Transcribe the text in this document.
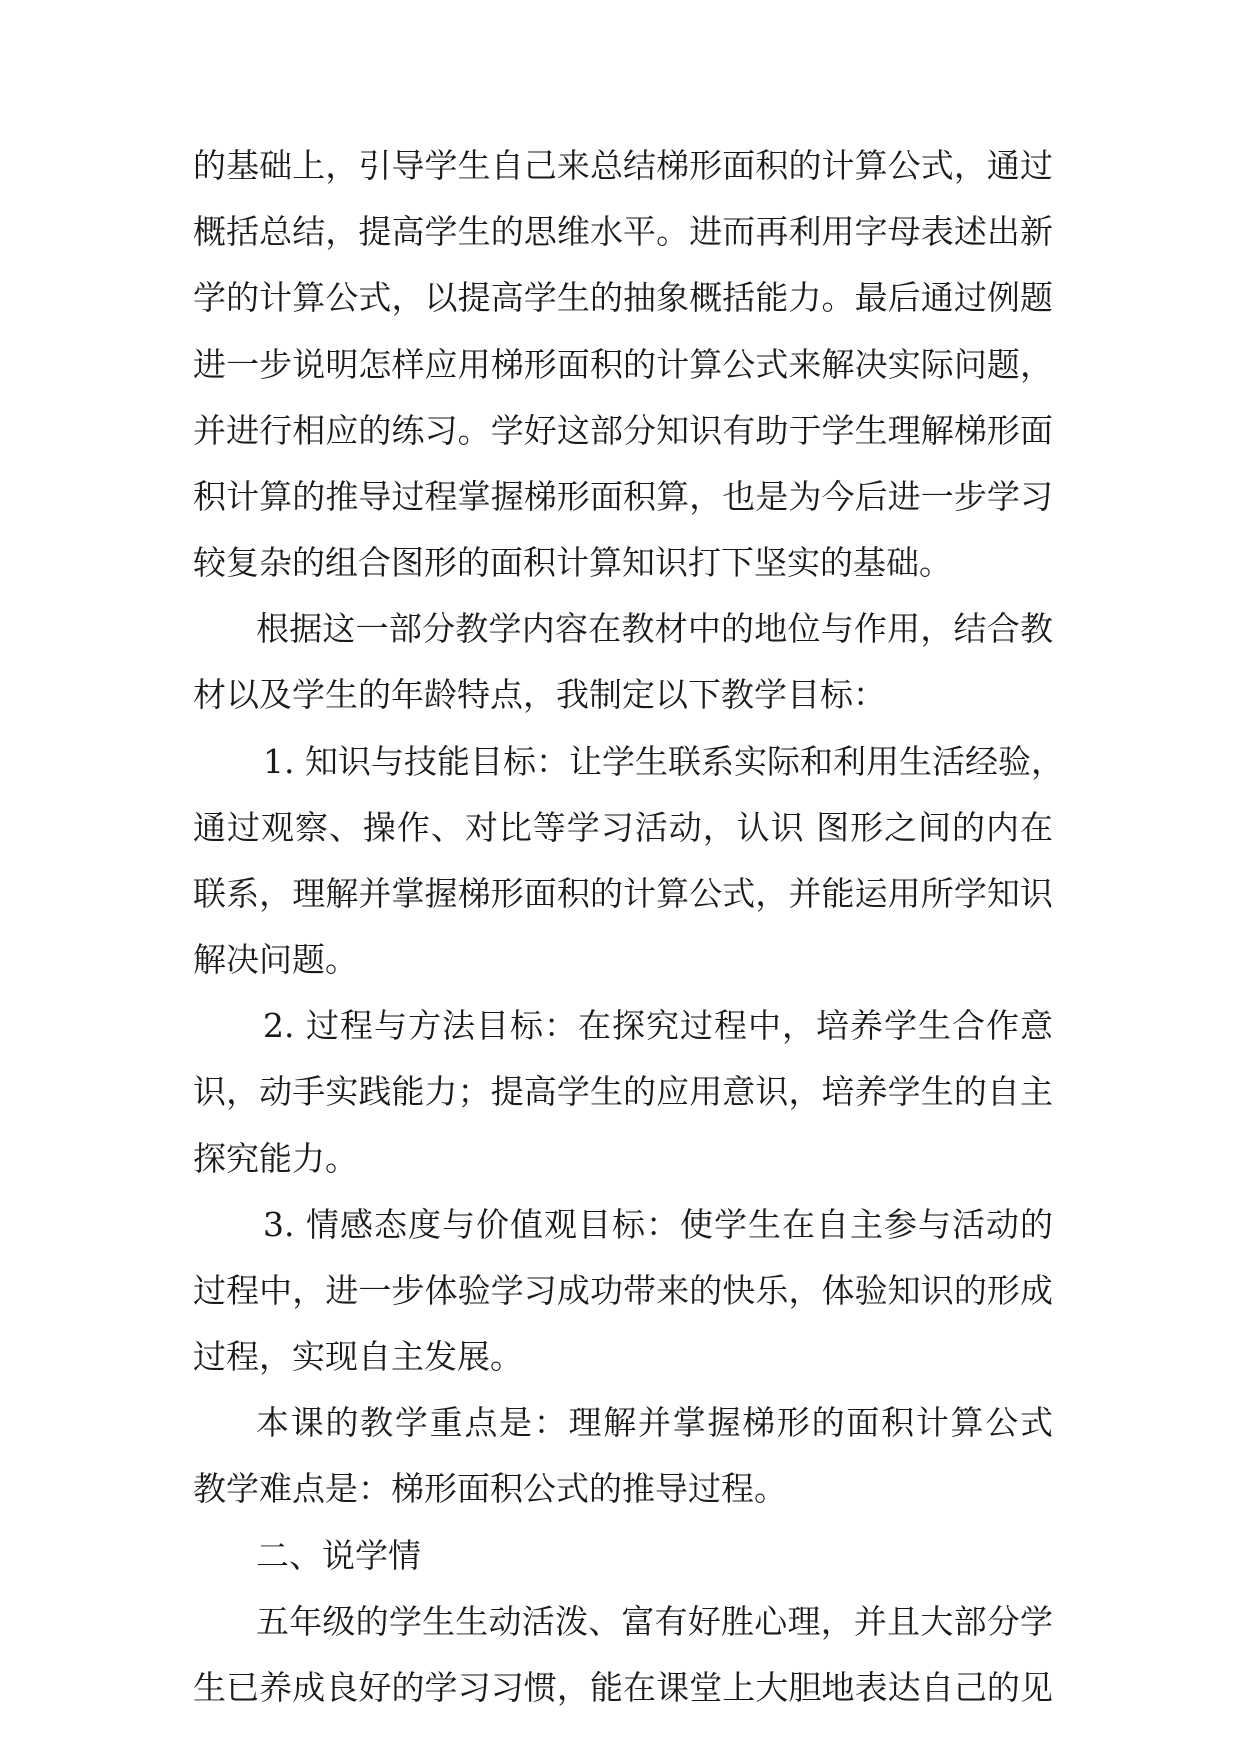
的基础上，引导学生自己来总结梯形面积的计算公式，通过
概括总结，提高学生的思维水平。进而再利用字母表述出新
学的计算公式，以提高学生的抽象概括能力。最后通过例题
进一步说明怎样应用梯形面积的计算公式来解决实际问题，
并进行相应的练习。学好这部分知识有助于学生理解梯形面
积计算的推导过程掌握梯形面积算，也是为今后进一步学习
较复杂的组合图形的面积计算知识打下坚实的基础。
根据这一部分教学内容在教材中的地位与作用，结合教
材以及学生的年龄特点，我制定以下教学目标：
1. 知识与技能目标：让学生联系实际和利用生活经验，
通过观察、操作、对比等学习活动，认识 图形之间的内在
联系，理解并掌握梯形面积的计算公式，并能运用所学知识
解决问题。
2. 过程与方法目标：在探究过程中，培养学生合作意
识，动手实践能力；提高学生的应用意识，培养学生的自主
探究能力。
3. 情感态度与价值观目标：使学生在自主参与活动的
过程中，进一步体验学习成功带来的快乐，体验知识的形成
过程，实现自主发展。
本课的教学重点是：理解并掌握梯形的面积计算公式
教学难点是：梯形面积公式的推导过程。
二、说学情
五年级的学生生动活泼、富有好胜心理，并且大部分学
生已养成良好的学习习惯，能在课堂上大胆地表达自己的见
